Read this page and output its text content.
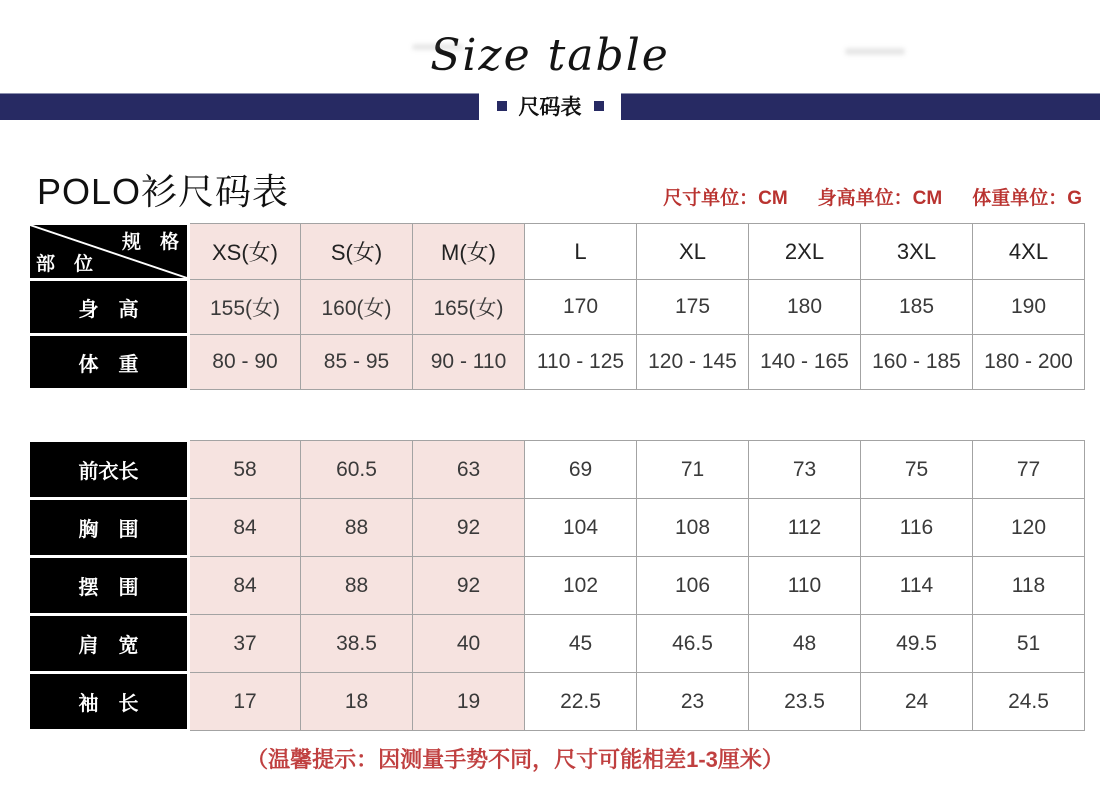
Size table
尺码表
POLO衫尺码表	尺寸单位：CM 身高单位：CM 体重单位：G
规　格
部　位	XS(女)	S(女)	M(女)	L	XL	2XL	3XL	4XL
身　高	155(女)	160(女)	165(女)	170	175	180	185	190
体　重	80 - 90	85 - 95	90 - 110	110 - 125	120 - 145	140 - 165	160 - 185	180 - 200
前衣长	58	60.5	63	69	71	73	75	77
胸　围	84	88	92	104	108	112	116	120
摆　围	84	88	92	102	106	110	114	118
肩　宽	37	38.5	40	45	46.5	48	49.5	51
袖　长	17	18	19	22.5	23	23.5	24	24.5
（温馨提示：因测量手势不同，尺寸可能相差1-3厘米）
